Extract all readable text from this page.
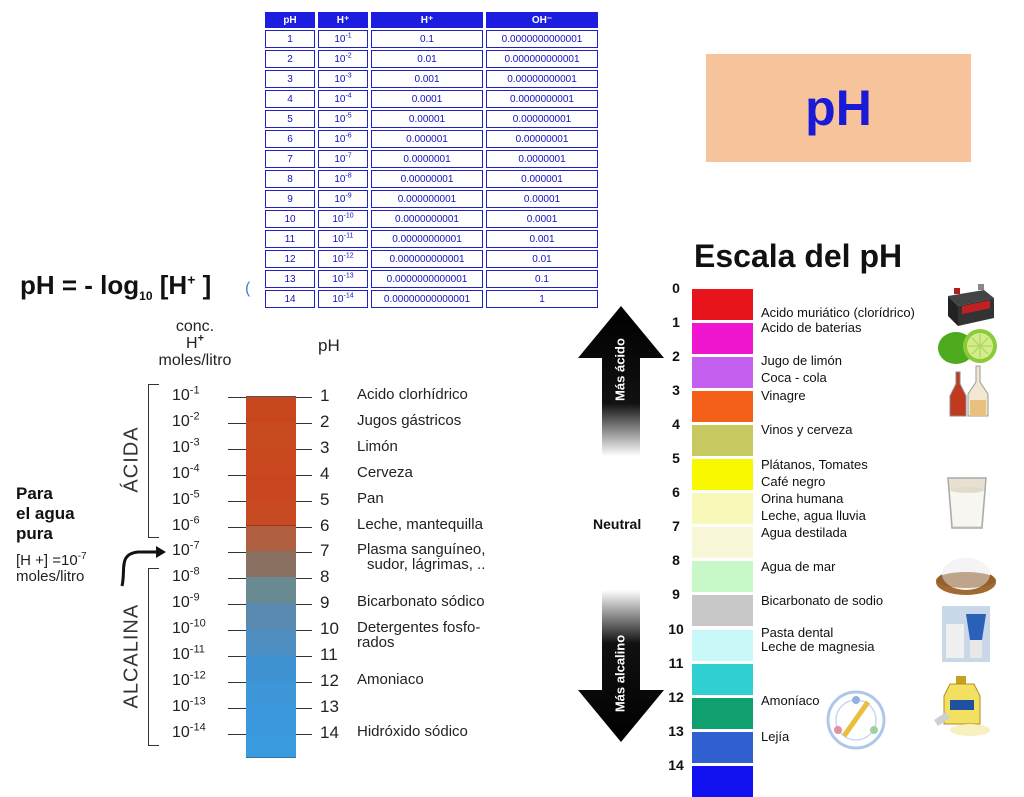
pH	H⁺	H⁺	OH⁻
1	$10^{-1}$	0.1	0.0000000000001
2	$10^{-2}$	0.01	0.000000000001
3	$10^{-3}$	0.001	0.00000000001
4	$10^{-4}$	0.0001	0.0000000001
5	$10^{-5}$	0.00001	0.000000001
6	$10^{-6}$	0.000001	0.00000001
7	$10^{-7}$	0.0000001	0.0000001
8	$10^{-8}$	0.00000001	0.000001
9	$10^{-9}$	0.000000001	0.00001
10	$10^{-10}$	0.0000000001	0.0001
11	$10^{-11}$	0.00000000001	0.001
12	$10^{-12}$	0.000000000001	0.01
13	$10^{-13}$	0.0000000000001	0.1
14	$10^{-14}$	0.00000000000001	1
pH
pH = - $\log_{10} [H^+$ ] (
conc.
H+
moles/litro
pH
$10^{-1}$	1 Acido clorhídrico
$10^{-2}$	2 Jugos gástricos
$10^{-3}$	3 Limón
$10^{-4}$	4 Cerveza
$10^{-5}$	5 Pan
$10^{-6}$	6 Leche, mantequilla
$10^{-7}$	7 Plasma sanguíneo,
sudor, lágrimas, ..
$10^{-8}$	8
$10^{-9}$	9 Bicarbonato sódico
$10^{-10}$	10 Detergentes fosfo-
rados
$10^{-11}$	11
$10^{-12}$	12 Amoniaco
$10^{-13}$	13
$10^{-14}$	14 Hidróxido sódico
ÁCIDA
ALCALINA
Para
el agua
pura
[H +] $=10^{-7}$
moles/litro
Escala del pH
0
1
2
3
4
5
6
7
8
9
10
11
12
13
14
Acido muriático (clorídrico)
Acido de baterias
Jugo de limón
Coca - cola
Vinagre
Vinos y cerveza
Plátanos, Tomates
Café negro
Orina humana
Leche, agua lluvia
Agua destilada
Agua de mar
Bicarbonato de sodio
Pasta dental
Leche de magnesia
Amoníaco
Lejía
Neutral
Más ácido
Más alcalino
